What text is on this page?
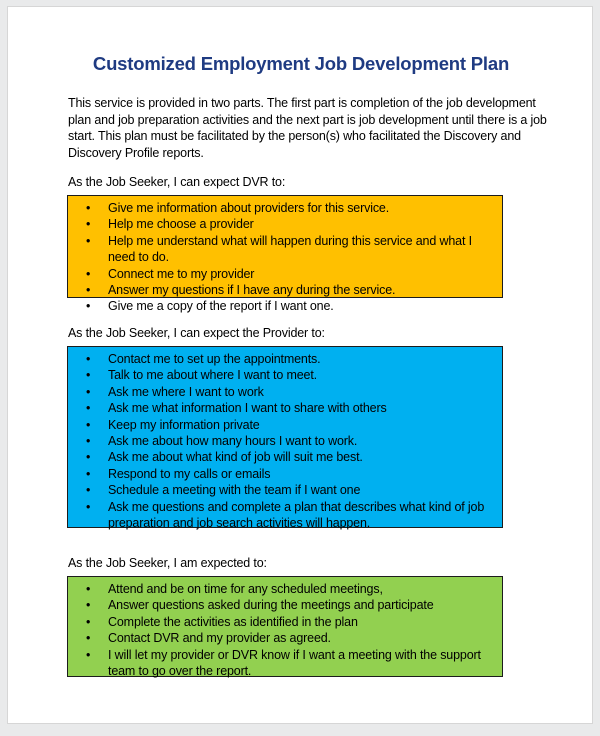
Customized Employment Job Development Plan
This service is provided in two parts. The first part is completion of the job development plan and job preparation activities and the next part is job development until there is a job start. This plan must be facilitated by the person(s) who facilitated the Discovery and Discovery Profile reports.
As the Job Seeker, I can expect DVR to:
• Give me information about providers for this service.
• Help me choose a provider
• Help me understand what will happen during this service and what I need to do.
• Connect me to my provider
• Answer my questions if I have any during the service.
• Give me a copy of the report if I want one.
As the Job Seeker, I can expect the Provider to:
• Contact me to set up the appointments.
• Talk to me about where I want to meet.
• Ask me where I want to work
• Ask me what information I want to share with others
• Keep my information private
• Ask me about how many hours I want to work.
• Ask me about what kind of job will suit me best.
• Respond to my calls or emails
• Schedule a meeting with the team if I want one
• Ask me questions and complete a plan that describes what kind of job preparation and job search activities will happen.
As the Job Seeker, I am expected to:
• Attend and be on time for any scheduled meetings,
• Answer questions asked during the meetings and participate
• Complete the activities as identified in the plan
• Contact DVR and my provider as agreed.
• I will let my provider or DVR know if I want a meeting with the support team to go over the report.
